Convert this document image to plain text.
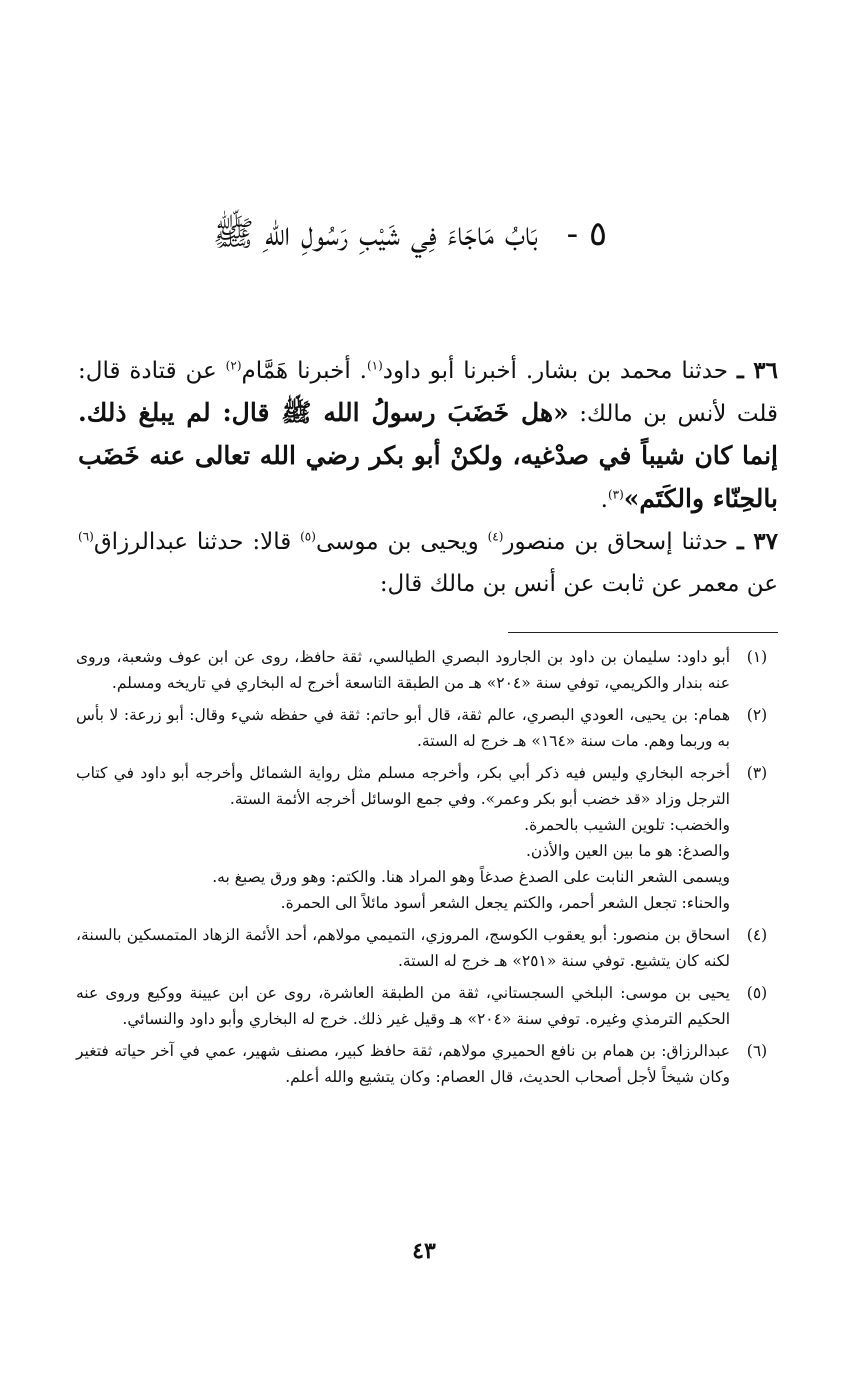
٥ - بَابُ مَاجَاءَ فِي شَيْبِ رَسُولِ اللهِ ﷺ

٣٦ ـ حدثنا محمد بن بشار. أخبرنا أبو داود$^{(١)}$. أخبرنا هَمَّام$^{(٢)}$ عن قتادة قال: قلت لأنس بن مالك: «هل خَضَبَ رسولُ الله ﷺ قال: لم يبلغ ذلك. إنما كان شيباً في صدْغيه، ولكنْ أبو بكر رضي الله تعالى عنه خَضَب بالحِنّاء والكَتَم»$^{(٣)}$.

٣٧ ـ حدثنا إسحاق بن منصور$^{(٤)}$ ويحيى بن موسى$^{(٥)}$ قالا: حدثنا عبدالرزاق$^{(٦)}$ عن معمر عن ثابت عن أنس بن مالك قال:

(١)
أبو داود: سليمان بن داود بن الجارود البصري الطيالسي، ثقة حافظ، روى عن ابن عوف وشعبة، وروى عنه بندار والكريمي، توفي سنة «٢٠٤» هـ من الطبقة التاسعة أخرج له البخاري في تاريخه ومسلم.
(٢)
همام: بن يحيى، العودي البصري، عالم ثقة، قال أبو حاتم: ثقة في حفظه شيء وقال: أبو زرعة: لا بأس به وربما وهم. مات سنة «١٦٤» هـ خرج له الستة.
(٣)
أخرجه البخاري وليس فيه ذكر أبي بكر، وأخرجه مسلم مثل رواية الشمائل وأخرجه أبو داود في كتاب الترجل وزاد «قد خضب أبو بكر وعمر». وفي جمع الوسائل أخرجه الأئمة الستة.
والخضب: تلوين الشيب بالحمرة.
والصدغ: هو ما بين العين والأذن.
ويسمى الشعر النابت على الصدغ صدغاً وهو المراد هنا. والكتم: وهو ورق يصبغ به.
والحناء: تجعل الشعر أحمر، والكتم يجعل الشعر أسود مائلاً الى الحمرة.
(٤)
اسحاق بن منصور: أبو يعقوب الكوسج، المروزي، التميمي مولاهم، أحد الأئمة الزهاد المتمسكين بالسنة، لكنه كان يتشيع. توفي سنة «٢٥١» هـ خرج له الستة.
(٥)
يحيى بن موسى: البلخي السجستاني، ثقة من الطبقة العاشرة، روى عن ابن عيينة ووكيع وروى عنه الحكيم الترمذي وغيره. توفي سنة «٢٠٤» هـ وقيل غير ذلك. خرج له البخاري وأبو داود والنسائي.
(٦)
عبدالرزاق: بن همام بن نافع الحميري مولاهم، ثقة حافظ كبير، مصنف شهير، عمي في آخر حياته فتغير وكان شيخاً لأجل أصحاب الحديث، قال العصام: وكان يتشيع والله أعلم.
٤٣
